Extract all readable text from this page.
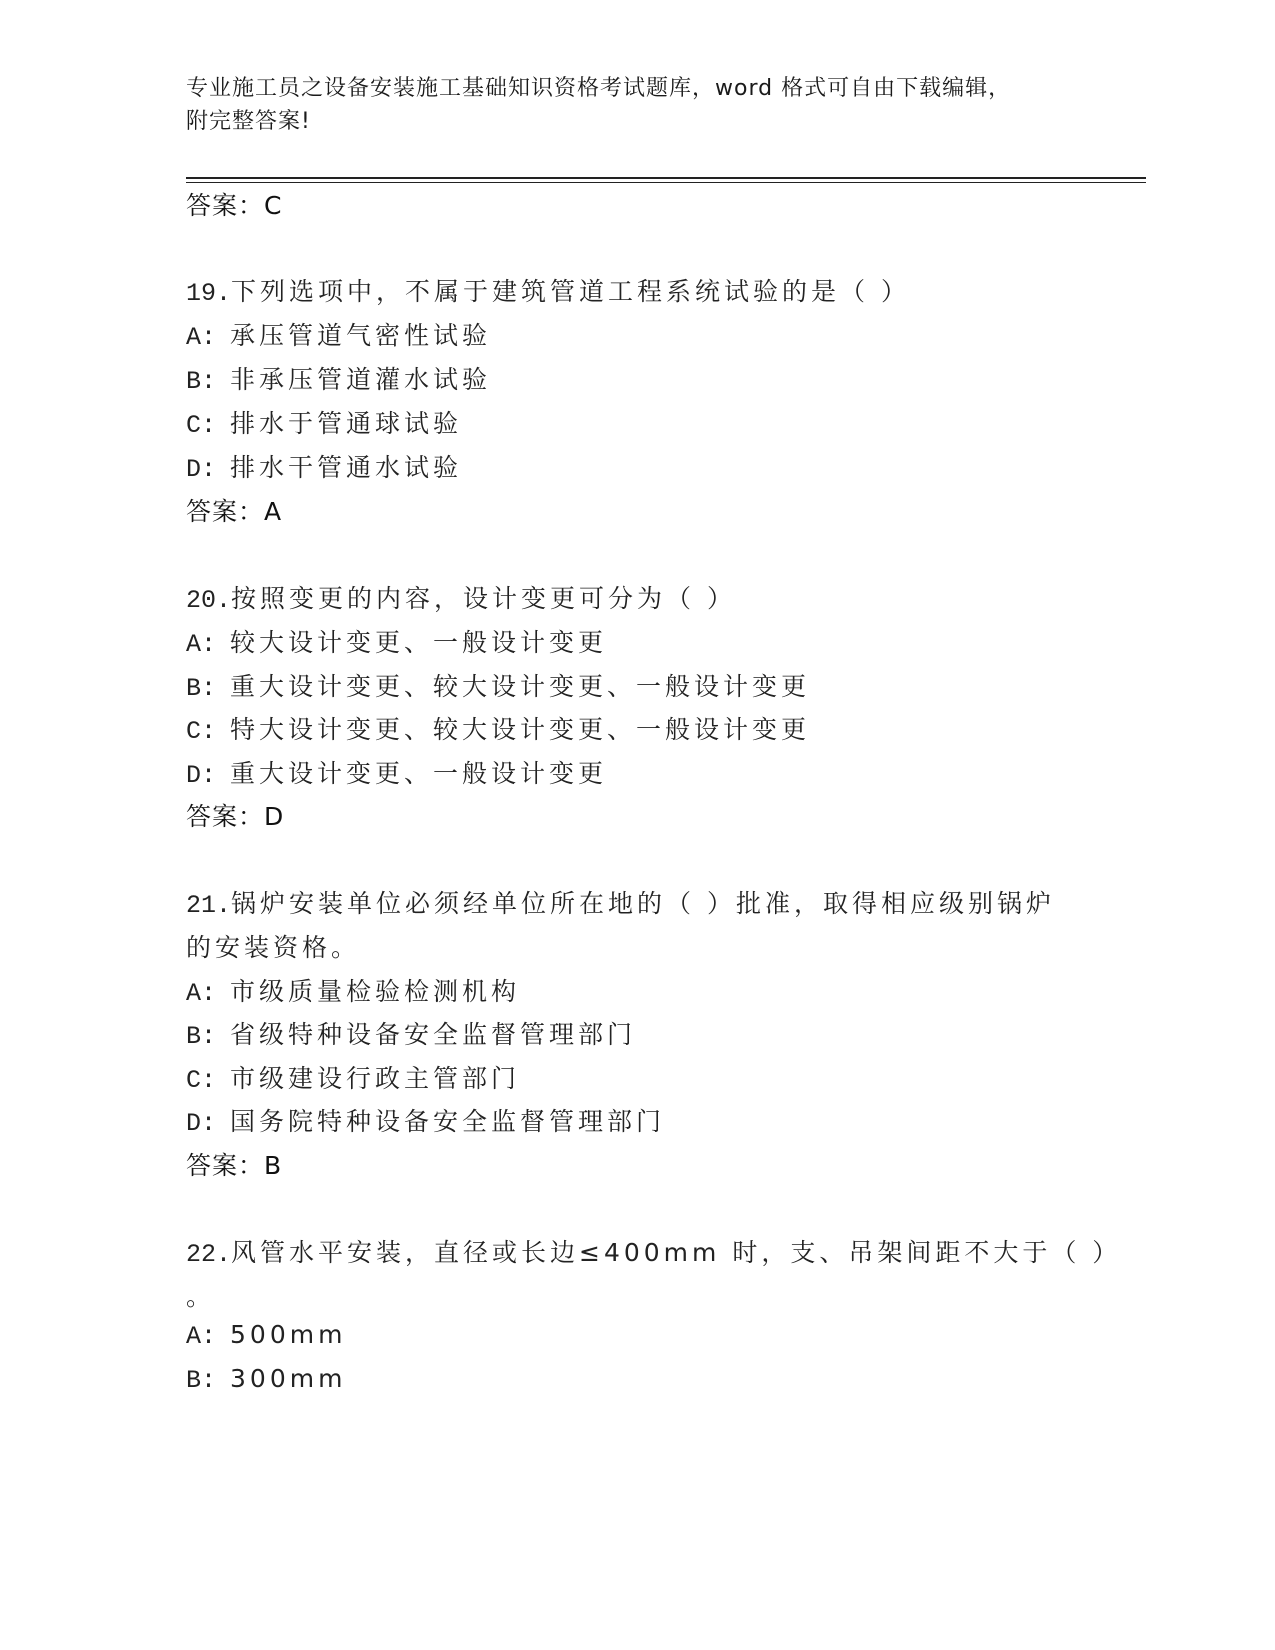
专业施工员之设备安装施工基础知识资格考试题库，word 格式可自由下载编辑，
附完整答案!
答案：C
19.下列选项中，不属于建筑管道工程系统试验的是（ ）
A: 承压管道气密性试验
B: 非承压管道灌水试验
C: 排水于管通球试验
D: 排水干管通水试验
答案：A
20.按照变更的内容，设计变更可分为（ ）
A: 较大设计变更、一般设计变更
B: 重大设计变更、较大设计变更、一般设计变更
C: 特大设计变更、较大设计变更、一般设计变更
D: 重大设计变更、一般设计变更
答案：D
21.锅炉安装单位必须经单位所在地的（ ）批准，取得相应级别锅炉
的安装资格。
A: 市级质量检验检测机构
B: 省级特种设备安全监督管理部门
C: 市级建设行政主管部门
D: 国务院特种设备安全监督管理部门
答案：B
22.风管水平安装，直径或长边≤400mm 时，支、吊架间距不大于（ ）
。
A: 500mm
B: 300mm
